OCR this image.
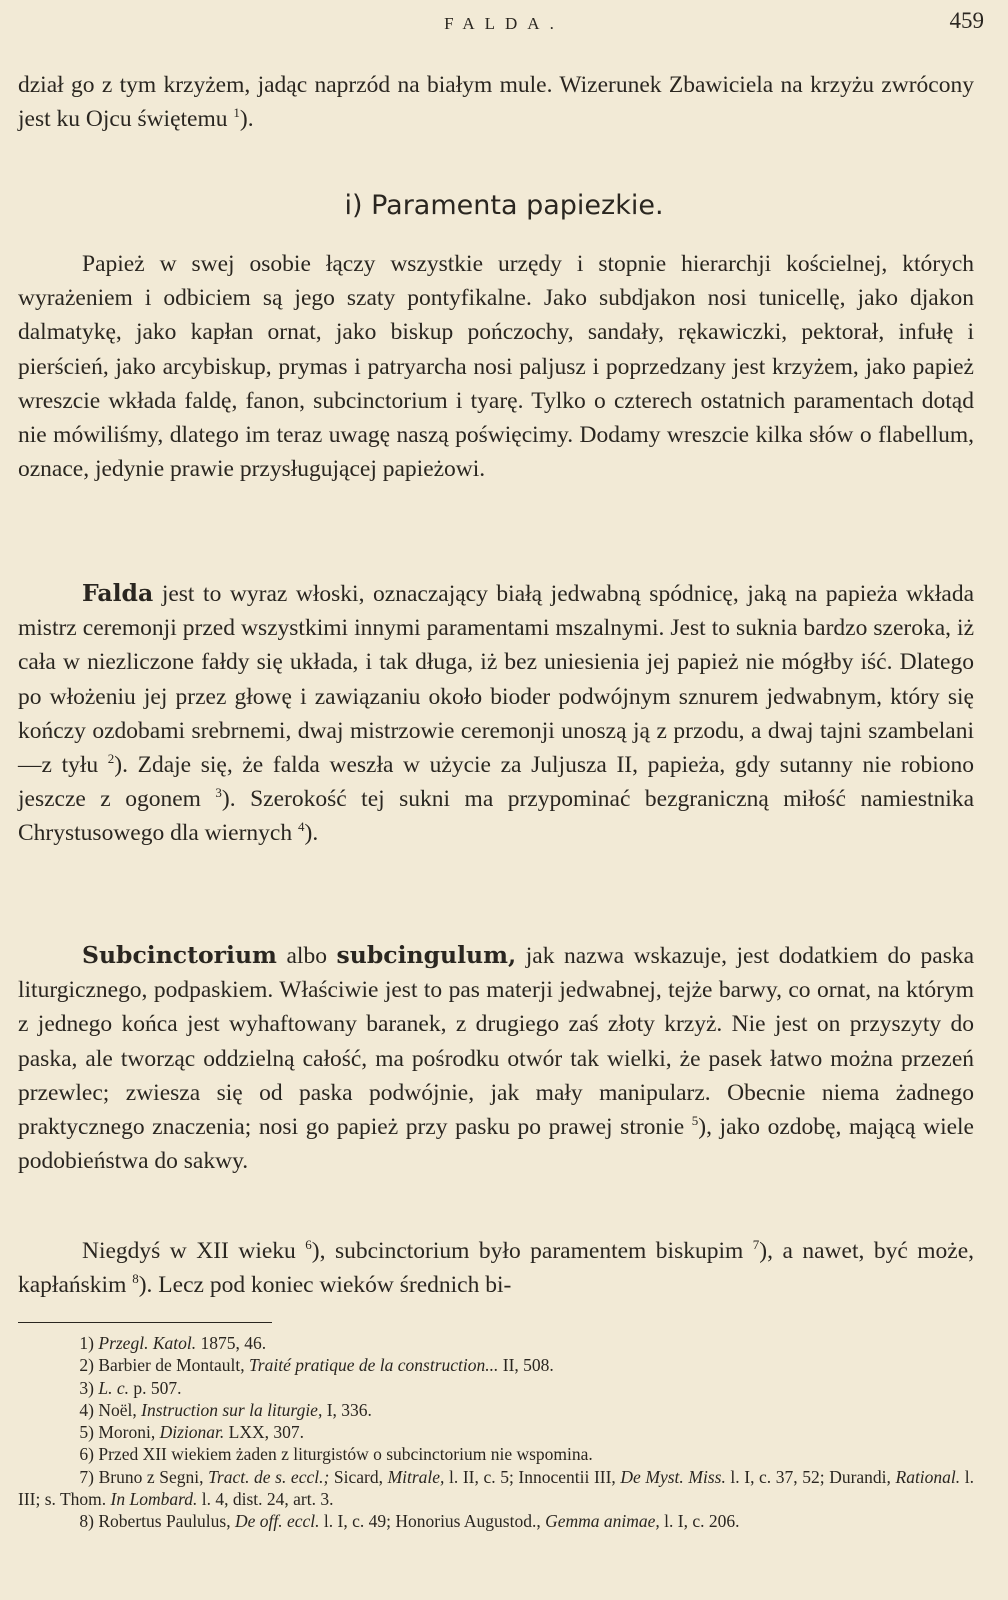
FALDA.	459

dział go z tym krzyżem, jadąc naprzód na białym mule. Wizerunek Zbawiciela na krzyżu zwrócony jest ku Ojcu świętemu $^1$).

i) Paramenta papiezkie.

Papież w swej osobie łączy wszystkie urzędy i stopnie hierarchji kościelnej, których wyrażeniem i odbiciem są jego szaty pontyfikalne. Jako subdjakon nosi tunicellę, jako djakon dalmatykę, jako kapłan ornat, jako biskup pończochy, sandały, rękawiczki, pektorał, infułę i pierścień, jako arcybiskup, prymas i patryarcha nosi paljusz i poprzedzany jest krzyżem, jako papież wreszcie wkłada faldę, fanon, subcinctorium i tyarę. Tylko o czterech ostatnich paramentach dotąd nie mówiliśmy, dlatego im teraz uwagę naszą poświęcimy. Dodamy wreszcie kilka słów o flabellum, oznace, jedynie prawie przysługującej papieżowi.

Falda jest to wyraz włoski, oznaczający białą jedwabną spódnicę, jaką na papieża wkłada mistrz ceremonji przed wszystkimi innymi paramentami mszalnymi. Jest to suknia bardzo szeroka, iż cała w niezliczone fałdy się układa, i tak długa, iż bez uniesienia jej papież nie mógłby iść. Dlatego po włożeniu jej przez głowę i zawiązaniu około bioder podwójnym sznurem jedwabnym, który się kończy ozdobami srebrnemi, dwaj mistrzowie ceremonji unoszą ją z przodu, a dwaj tajni szambelani—z tyłu $^2$). Zdaje się, że falda weszła w użycie za Juljusza II, papieża, gdy sutanny nie robiono jeszcze z ogonem $^3$). Szerokość tej sukni ma przypominać bezgraniczną miłość namiestnika Chrystusowego dla wiernych $^4$).

Subcinctorium albo subcingulum, jak nazwa wskazuje, jest dodatkiem do paska liturgicznego, podpaskiem. Właściwie jest to pas materji jedwabnej, tejże barwy, co ornat, na którym z jednego końca jest wyhaftowany baranek, z drugiego zaś złoty krzyż. Nie jest on przyszyty do paska, ale tworząc oddzielną całość, ma pośrodku otwór tak wielki, że pasek łatwo można przezeń przewlec; zwiesza się od paska podwójnie, jak mały manipularz. Obecnie niema żadnego praktycznego znaczenia; nosi go papież przy pasku po prawej stronie $^5$), jako ozdobę, mającą wiele podobieństwa do sakwy.

Niegdyś w XII wieku $^6$), subcinctorium było paramentem biskupim $^7$), a nawet, być może, kapłańskim $^8$). Lecz pod koniec wieków średnich bi-

1) Przegl. Katol. 1875, 46.

2) Barbier de Montault, Traité pratique de la construction... II, 508.

3) L. c. p. 507.

4) Noël, Instruction sur la liturgie, I, 336.

5) Moroni, Dizionar. LXX, 307.

6) Przed XII wiekiem żaden z liturgistów o subcinctorium nie wspomina.

7) Bruno z Segni, Tract. de s. eccl.; Sicard, Mitrale, l. II, c. 5; Innocentii III, De Myst. Miss. l. I, c. 37, 52; Durandi, Rational. l. III; s. Thom. In Lombard. l. 4, dist. 24, art. 3.

8) Robertus Paululus, De off. eccl. l. I, c. 49; Honorius Augustod., Gemma animae, l. I, c. 206.
